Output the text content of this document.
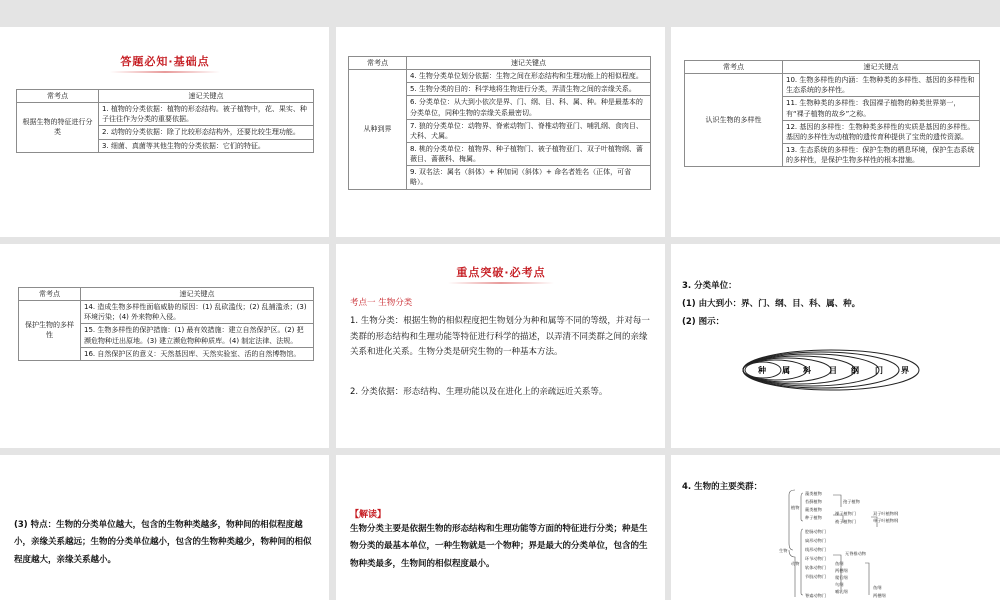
答题必知·基础点
常考点	速记关键点
根据生物的特征进行分类	1. 植物的分类依据：植物的形态结构。被子植物中，花、果实、种子往往作为分类的重要依据。
	2. 动物的分类依据：除了比较形态结构外，还要比较生理功能。
	3. 细菌、真菌等其他生物的分类依据：它们的特征。
常考点	速记关键点
从种到界	4. 生物分类单位划分依据：生物之间在形态结构和生理功能上的相似程度。
	5. 生物分类的目的：科学地将生物进行分类，弄清生物之间的亲缘关系。
	6. 分类单位：从大到小依次是界、门、纲、目、科、属、种。种是最基本的分类单位，同种生物的亲缘关系最密切。
	7. 狼的分类单位：动物界、脊索动物门、脊椎动物亚门、哺乳纲、食肉目、犬科、犬属。
	8. 桃的分类单位：植物界、种子植物门、被子植物亚门、双子叶植物纲、蔷薇目、蔷薇科、梅属。
	9. 双名法：属名（斜体）+ 种加词（斜体）+ 命名者姓名（正体，可省略）。
常考点	速记关键点
认识生物的多样性	10. 生物多样性的内涵：生物种类的多样性、基因的多样性和生态系统的多样性。
	11. 生物种类的多样性：我国裸子植物的种类世界第一，有“裸子植物的故乡”之称。
	12. 基因的多样性：生物种类多样性的实质是基因的多样性。基因的多样性为动植物的遗传育种提供了宝贵的遗传资源。
	13. 生态系统的多样性：保护生物的栖息环境，保护生态系统的多样性，是保护生物多样性的根本措施。
常考点	速记关键点
保护生物的多样性	14. 造成生物多样性面临威胁的原因：(1) 乱砍滥伐；(2) 乱捕滥杀；(3) 环境污染；(4) 外来物种入侵。
	15. 生物多样性的保护措施：(1) 最有效措施：建立自然保护区。(2) 把濒危物种迁出原地。(3) 建立濒危物种种质库。(4) 制定法律、法规。
	16. 自然保护区的意义：天然基因库、天然实验室、活的自然博物馆。
重点突破·必考点
考点一 生物分类
1. 生物分类：根据生物的相似程度把生物划分为种和属等不同的等级，并对每一类群的形态结构和生理功能等特征进行科学的描述，以弄清不同类群之间的亲缘关系和进化关系。生物分类是研究生物的一种基本方法。
2. 分类依据：形态结构、生理功能以及在进化上的亲疏远近关系等。
3. 分类单位：
(1) 由大到小：界、门、纲、目、科、属、种。
(2) 图示：
种 属 科 目 纲 门 界
(3) 特点：生物的分类单位越大，包含的生物种类越多，物种间的相似程度越小，亲缘关系越远；生物的分类单位越小，包含的生物种类越少，物种间的相似程度越大，亲缘关系越小。
【解读】
生物分类主要是依据生物的形态结构和生理功能等方面的特征进行分类；种是生物分类的最基本单位，一种生物就是一个物种；界是最大的分类单位，包含的生物种类最多，生物间的相似程度最小。
4. 生物的主要类群：
生物
植物
动物
藻类植物
苔藓植物
蕨类植物
种子植物
孢子植物
裸子植物门
被子植物门
双子叶植物纲
单子叶植物纲
腔肠动物门
扁形动物门
线形动物门
环节动物门
软体动物门
节肢动物门
脊索动物门
无脊椎动物
鱼纲
两栖纲
爬行纲
鸟纲
哺乳纲
鱼纲
两栖纲
